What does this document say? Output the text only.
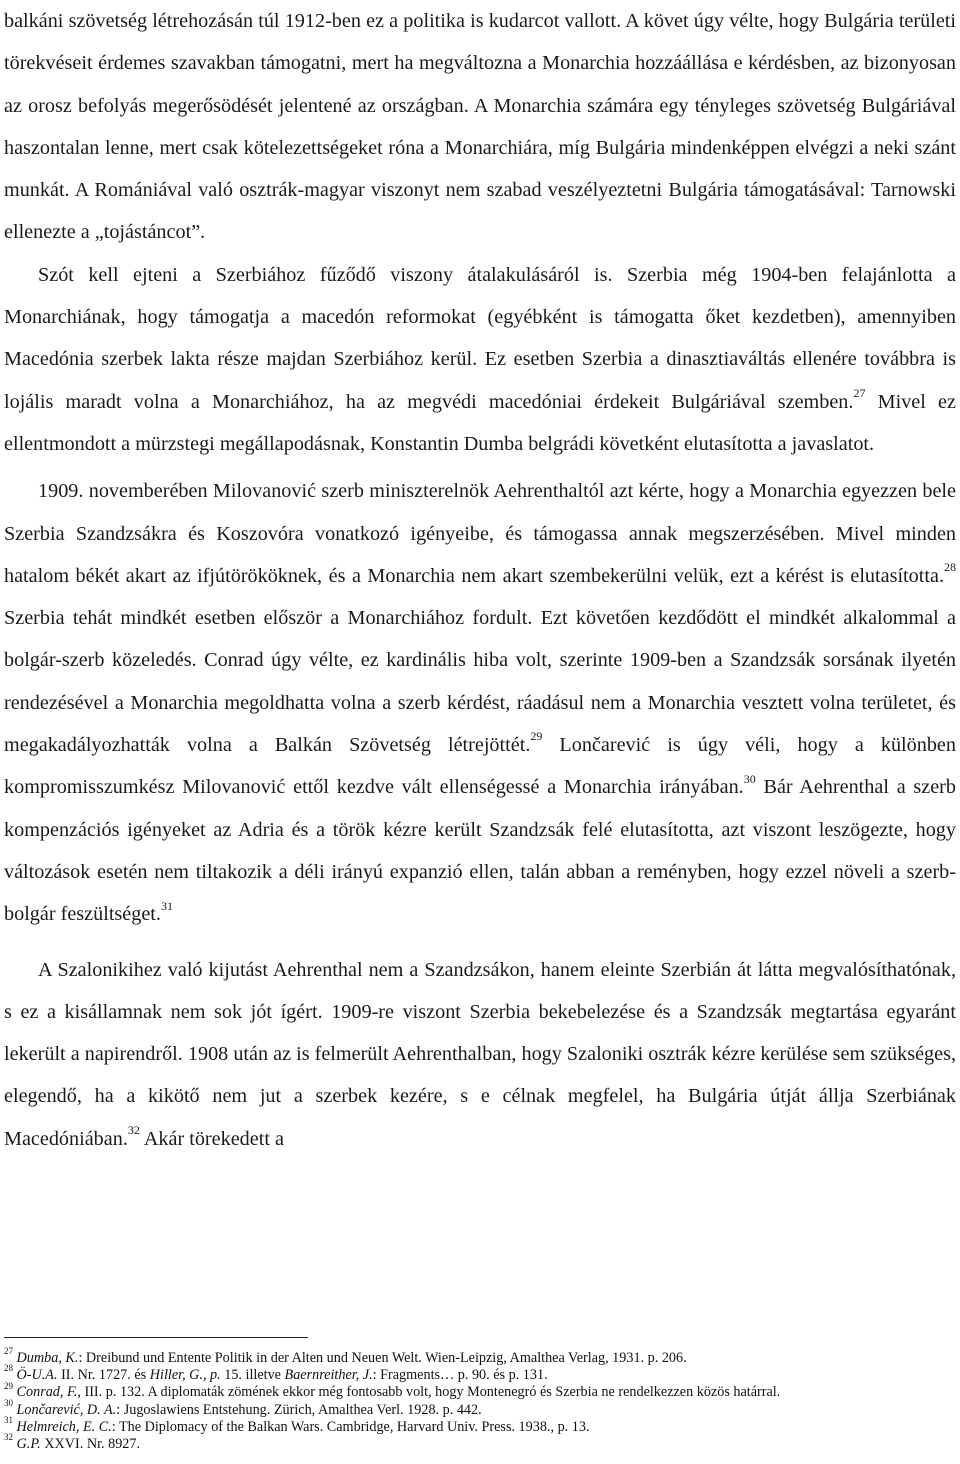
balkáni szövetség létrehozásán túl 1912-ben ez a politika is kudarcot vallott. A követ úgy vélte, hogy Bulgária területi törekvéseit érdemes szavakban támogatni, mert ha megváltozna a Monarchia hozzáállása e kérdésben, az bizonyosan az orosz befolyás megerősödését jelentené az országban. A Monarchia számára egy tényleges szövetség Bulgáriával haszontalan lenne, mert csak kötelezettségeket róna a Monarchiára, míg Bulgária mindenképpen elvégzi a neki szánt munkát. A Romániával való osztrák-magyar viszonyt nem szabad veszélyeztetni Bulgária támogatásával: Tarnowski ellenezte a „tojástáncot”.

Szót kell ejteni a Szerbiához fűződő viszony átalakulásáról is. Szerbia még 1904-ben felajánlotta a Monarchiának, hogy támogatja a macedón reformokat (egyébként is támogatta őket kezdetben), amennyiben Macedónia szerbek lakta része majdan Szerbiához kerül. Ez esetben Szerbia a dinasztiaváltás ellenére továbbra is lojális maradt volna a Monarchiához, ha az megvédi macedóniai érdekeit Bulgáriával szemben.$^{27}$ Mivel ez ellentmondott a mürzstegi megállapodásnak, Konstantin Dumba belgrádi követként elutasította a javaslatot.

1909. novemberében Milovanović szerb miniszterelnök Aehrenthaltól azt kérte, hogy a Monarchia egyezzen bele Szerbia Szandzsákra és Koszovóra vonatkozó igényeibe, és támogassa annak megszerzésében. Mivel minden hatalom békét akart az ifjútörököknek, és a Monarchia nem akart szembekerülni velük, ezt a kérést is elutasította.$^{28}$ Szerbia tehát mindkét esetben először a Monarchiához fordult. Ezt követően kezdődött el mindkét alkalommal a bolgár-szerb közeledés. Conrad úgy vélte, ez kardinális hiba volt, szerinte 1909-ben a Szandzsák sorsának ilyetén rendezésével a Monarchia megoldhatta volna a szerb kérdést, ráadásul nem a Monarchia vesztett volna területet, és megakadályozhatták volna a Balkán Szövetség létrejöttét.$^{29}$ Lončarević is úgy véli, hogy a különben kompromisszumkész Milovanović ettől kezdve vált ellenségessé a Monarchia irányában.$^{30}$ Bár Aehrenthal a szerb kompenzációs igényeket az Adria és a török kézre került Szandzsák felé elutasította, azt viszont leszögezte, hogy változások esetén nem tiltakozik a déli irányú expanzió ellen, talán abban a reményben, hogy ezzel növeli a szerb-bolgár feszültséget.$^{31}$

A Szalonikihez való kijutást Aehrenthal nem a Szandzsákon, hanem eleinte Szerbián át látta megvalósíthatónak, s ez a kisállamnak nem sok jót ígért. 1909-re viszont Szerbia bekebelezése és a Szandzsák megtartása egyaránt lekerült a napirendről. 1908 után az is felmerült Aehrenthalban, hogy Szaloniki osztrák kézre kerülése sem szükséges, elegendő, ha a kikötő nem jut a szerbek kezére, s e célnak megfelel, ha Bulgária útját állja Szerbiának Macedóniában.$^{32}$ Akár törekedett a

$^{27}$ Dumba, K.: Dreibund und Entente Politik in der Alten und Neuen Welt. Wien-Leipzig, Amalthea Verlag, 1931. p. 206.

$^{28}$ Ö-U.A. II. Nr. 1727. és Hiller, G., p. 15. illetve Baernreither, J.: Fragments… p. 90. és p. 131.

$^{29}$ Conrad, F., III. p. 132. A diplomaták zömének ekkor még fontosabb volt, hogy Montenegró és Szerbia ne rendelkezzen közös határral.

$^{30}$ Lončarević, D. A.: Jugoslawiens Entstehung. Zürich, Amalthea Verl. 1928. p. 442.

$^{31}$ Helmreich, E. C.: The Diplomacy of the Balkan Wars. Cambridge, Harvard Univ. Press. 1938., p. 13.

$^{32}$ G.P. XXVI. Nr. 8927.
